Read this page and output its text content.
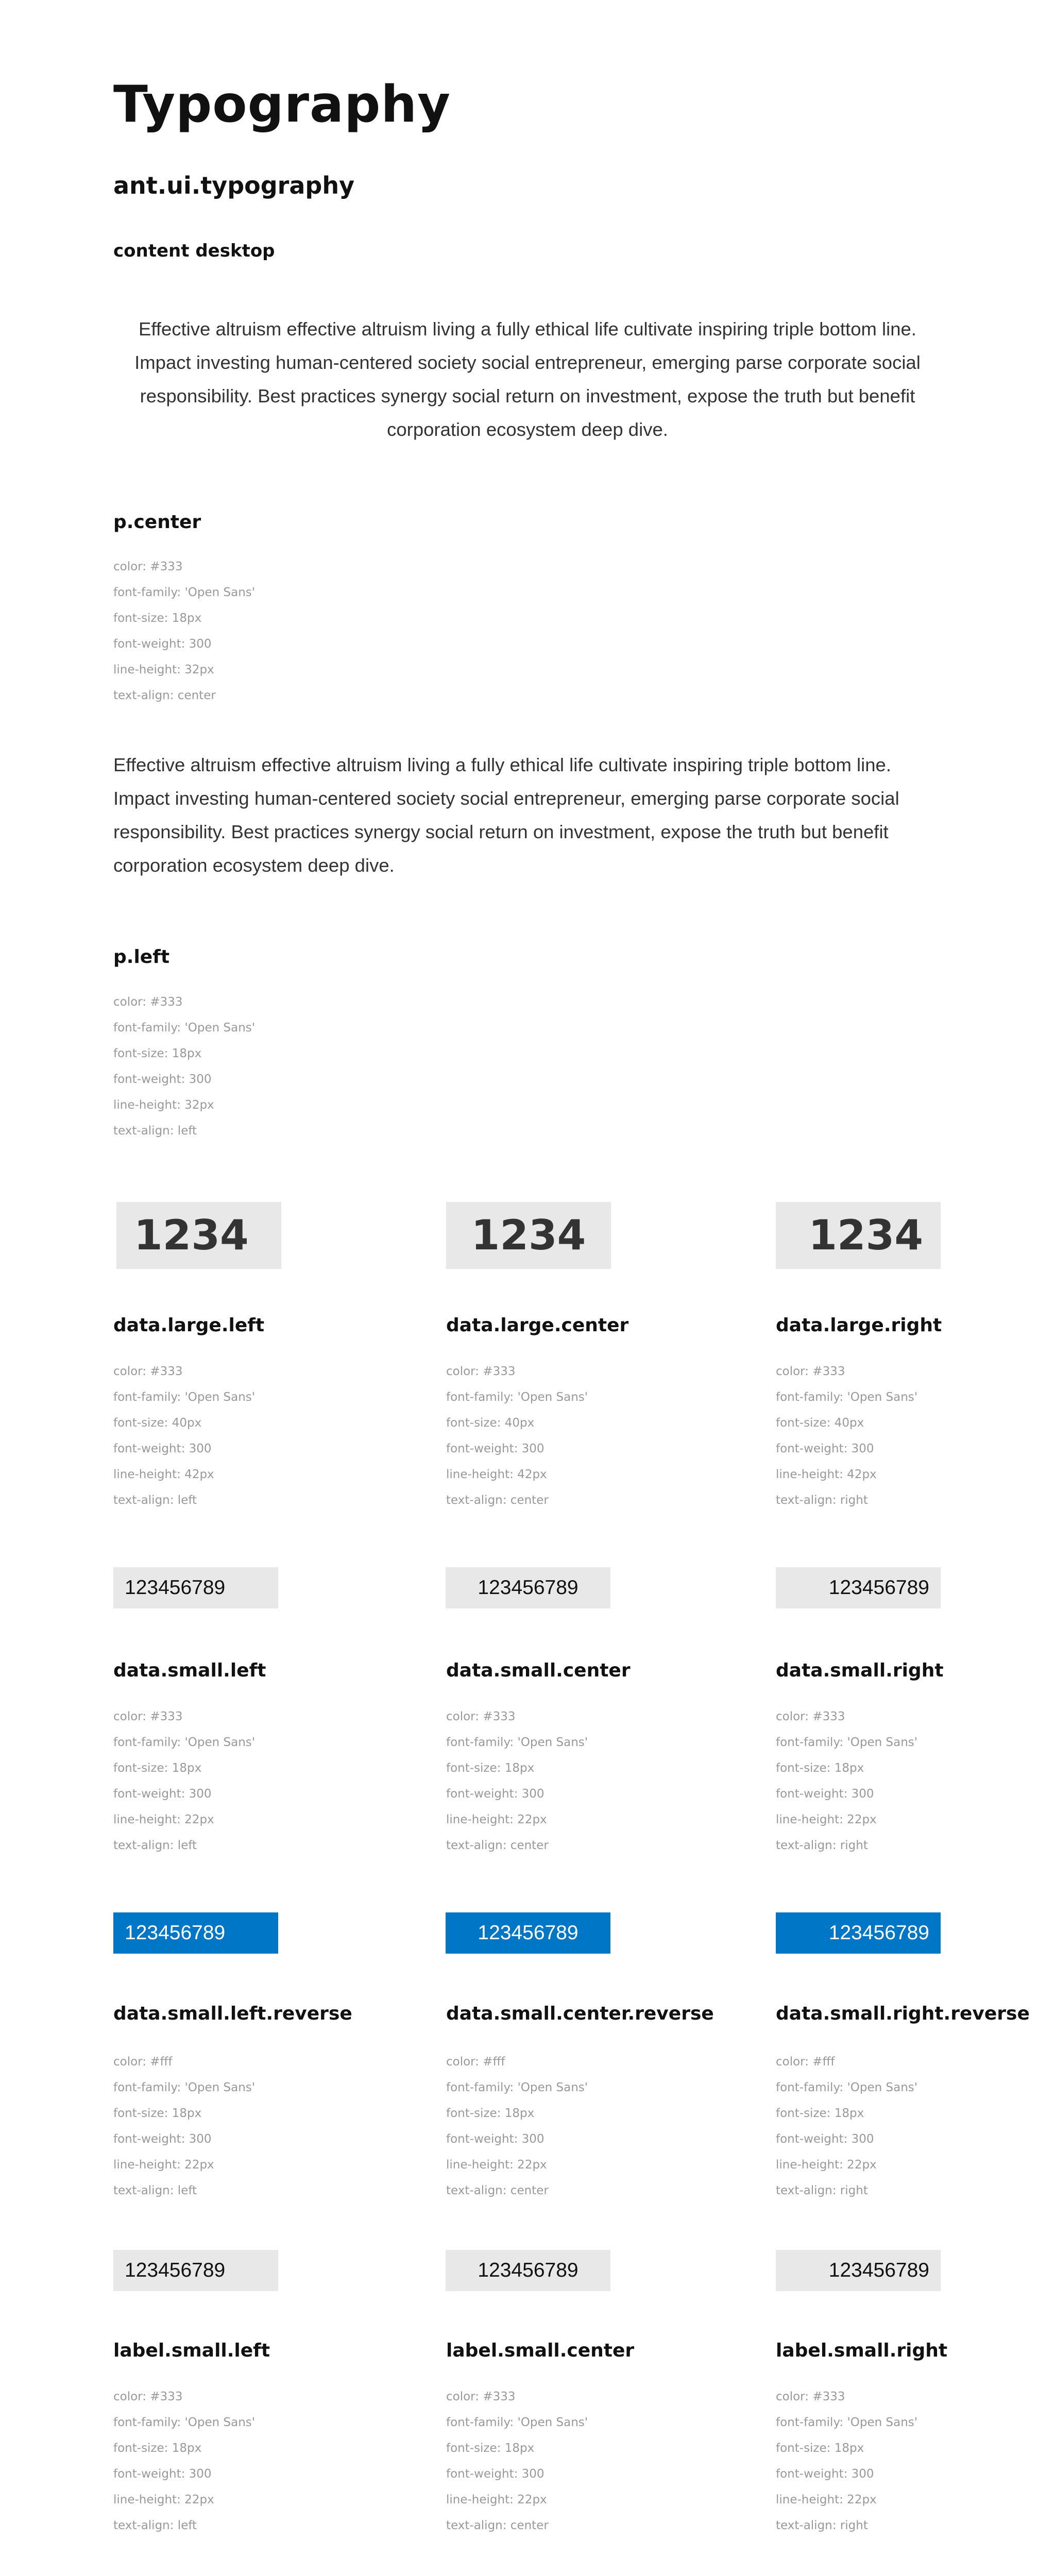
Typography
ant.ui.typography
content desktop
Effective altruism effective altruism living a fully ethical life cultivate inspiring triple bottom line. Impact investing human-centered society social entrepreneur, emerging parse corporate social responsibility. Best practices synergy social return on investment, expose the truth but benefit corporation ecosystem deep dive.
p.center
color: #333
font-family: 'Open Sans'
font-size: 18px
font-weight: 300
line-height: 32px
text-align: center
Effective altruism effective altruism living a fully ethical life cultivate inspiring triple bottom line. Impact investing human-centered society social entrepreneur, emerging parse corporate social responsibility. Best practices synergy social return on investment, expose the truth but benefit corporation ecosystem deep dive.
p.left
color: #333
font-family: 'Open Sans'
font-size: 18px
font-weight: 300
line-height: 32px
text-align: left
1234	1234	1234
data.large.left	data.large.center	data.large.right
color: #333
font-family: 'Open Sans'
font-size: 40px
font-weight: 300
line-height: 42px
text-align: left
color: #333
font-family: 'Open Sans'
font-size: 40px
font-weight: 300
line-height: 42px
text-align: center
color: #333
font-family: 'Open Sans'
font-size: 40px
font-weight: 300
line-height: 42px
text-align: right
123456789	123456789	123456789
data.small.left	data.small.center	data.small.right
color: #333
font-family: 'Open Sans'
font-size: 18px
font-weight: 300
line-height: 22px
text-align: left
color: #333
font-family: 'Open Sans'
font-size: 18px
font-weight: 300
line-height: 22px
text-align: center
color: #333
font-family: 'Open Sans'
font-size: 18px
font-weight: 300
line-height: 22px
text-align: right
123456789	123456789	123456789
data.small.left.reverse	data.small.center.reverse	data.small.right.reverse
color: #fff
font-family: 'Open Sans'
font-size: 18px
font-weight: 300
line-height: 22px
text-align: left
color: #fff
font-family: 'Open Sans'
font-size: 18px
font-weight: 300
line-height: 22px
text-align: center
color: #fff
font-family: 'Open Sans'
font-size: 18px
font-weight: 300
line-height: 22px
text-align: right
123456789	123456789	123456789
label.small.left	label.small.center	label.small.right
color: #333
font-family: 'Open Sans'
font-size: 18px
font-weight: 300
line-height: 22px
text-align: left
color: #333
font-family: 'Open Sans'
font-size: 18px
font-weight: 300
line-height: 22px
text-align: center
color: #333
font-family: 'Open Sans'
font-size: 18px
font-weight: 300
line-height: 22px
text-align: right
